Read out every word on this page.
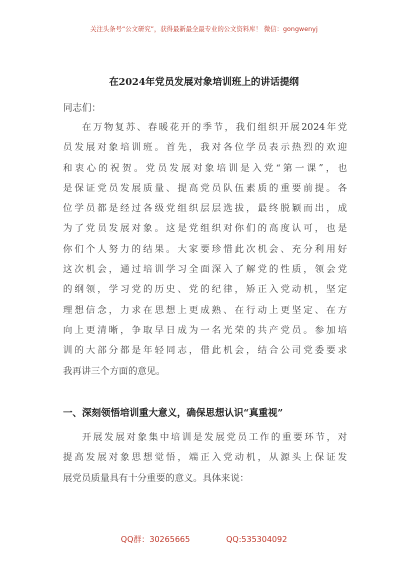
关注头条号“公文研究”，获得最新最全最专业的公文资料库！ 微信：gongwenyj
在2024年党员发展对象培训班上的讲话提纲
同志们：
在万物复苏、春暖花开的季节，我们组织开展2024年党
员发展对象培训班。首先，我对各位学员表示热烈的欢迎
和衷心的祝贺。党员发展对象培训是入党“第一课”，也
是保证党员发展质量、提高党员队伍素质的重要前提。各
位学员都是经过各级党组织层层选拔，最终脱颖而出，成
为了党员发展对象。这是党组织对你们的高度认可，也是
你们个人努力的结果。大家要珍惜此次机会、充分利用好
这次机会，通过培训学习全面深入了解党的性质，领会党
的纲领，学习党的历史、党的纪律，矫正入党动机，坚定
理想信念，力求在思想上更成熟、在行动上更坚定、在方
向上更清晰，争取早日成为一名光荣的共产党员。参加培
训的大部分都是年轻同志，借此机会，结合公司党委要求
我再讲三个方面的意见。
一、深刻领悟培训重大意义，确保思想认识“真重视”
开展发展对象集中培训是发展党员工作的重要环节，对
提高发展对象思想觉悟，端正入党动机，从源头上保证发
展党员质量具有十分重要的意义。具体来说：
QQ群：30265665	QQ:535304092
